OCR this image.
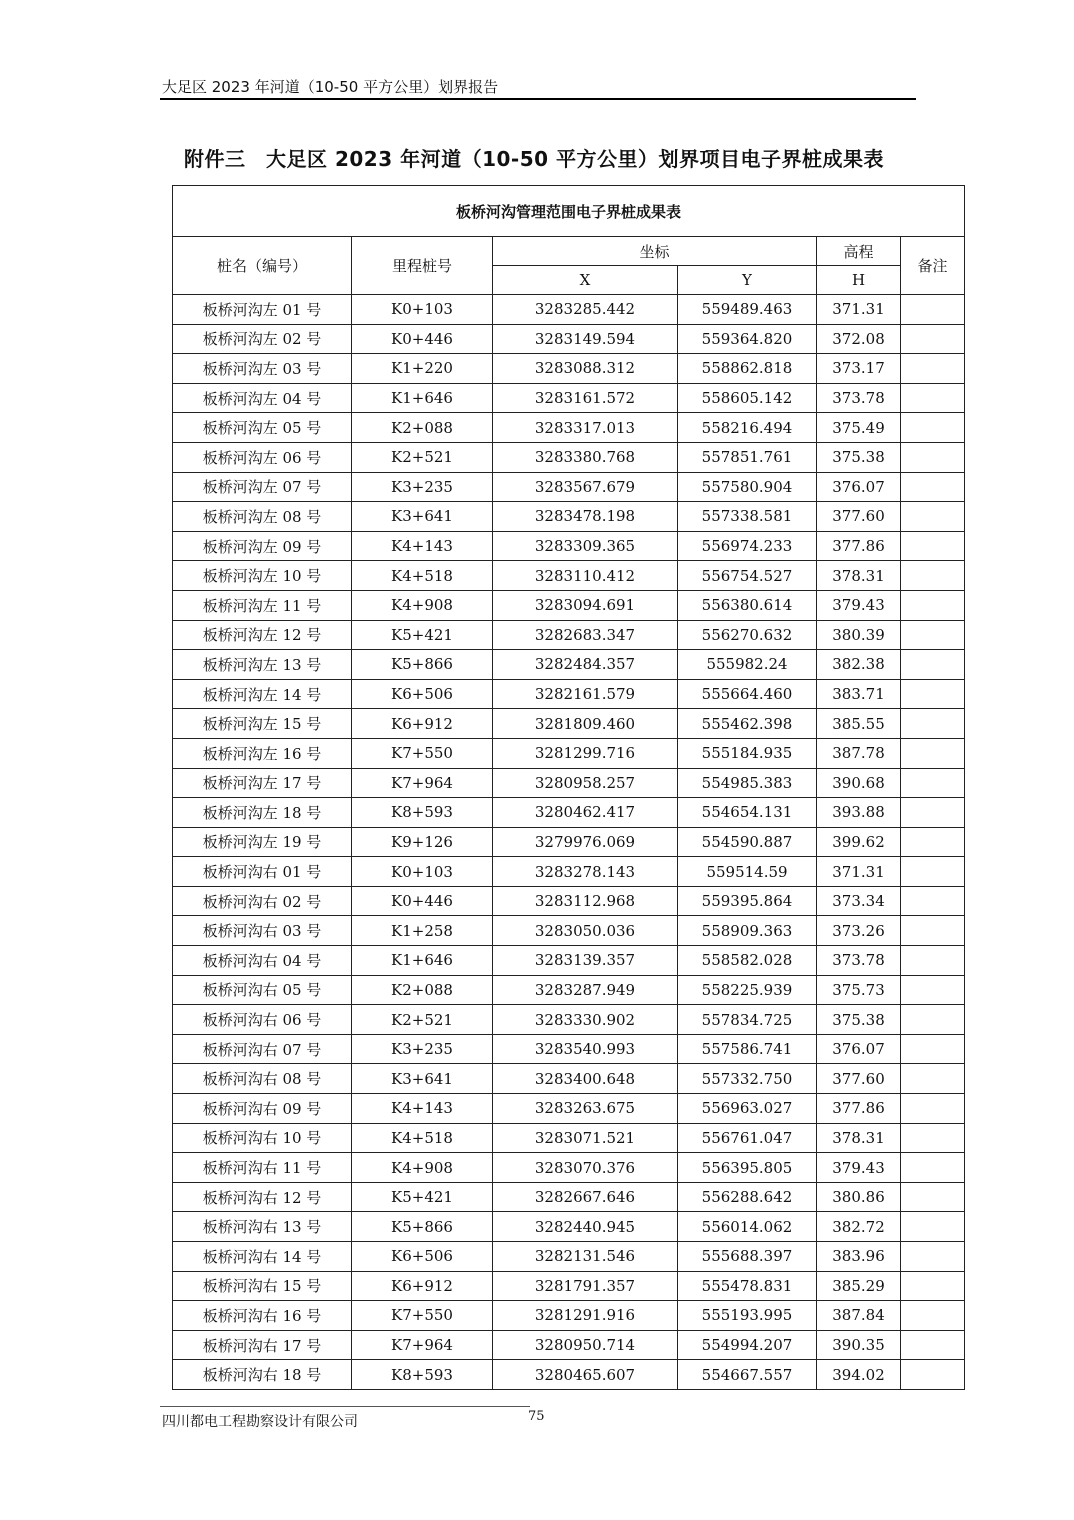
大足区 2023 年河道（10-50 平方公里）划界报告
附件三　大足区 2023 年河道（10-50 平方公里）划界项目电子界桩成果表
板桥河沟管理范围电子界桩成果表					
桩名（编号）	里程桩号	坐标		高程	备注
		X	Y	H	
板桥河沟左 01 号	K0+103	3283285.442	559489.463	371.31	
板桥河沟左 02 号	K0+446	3283149.594	559364.820	372.08	
板桥河沟左 03 号	K1+220	3283088.312	558862.818	373.17	
板桥河沟左 04 号	K1+646	3283161.572	558605.142	373.78	
板桥河沟左 05 号	K2+088	3283317.013	558216.494	375.49	
板桥河沟左 06 号	K2+521	3283380.768	557851.761	375.38	
板桥河沟左 07 号	K3+235	3283567.679	557580.904	376.07	
板桥河沟左 08 号	K3+641	3283478.198	557338.581	377.60	
板桥河沟左 09 号	K4+143	3283309.365	556974.233	377.86	
板桥河沟左 10 号	K4+518	3283110.412	556754.527	378.31	
板桥河沟左 11 号	K4+908	3283094.691	556380.614	379.43	
板桥河沟左 12 号	K5+421	3282683.347	556270.632	380.39	
板桥河沟左 13 号	K5+866	3282484.357	555982.24	382.38	
板桥河沟左 14 号	K6+506	3282161.579	555664.460	383.71	
板桥河沟左 15 号	K6+912	3281809.460	555462.398	385.55	
板桥河沟左 16 号	K7+550	3281299.716	555184.935	387.78	
板桥河沟左 17 号	K7+964	3280958.257	554985.383	390.68	
板桥河沟左 18 号	K8+593	3280462.417	554654.131	393.88	
板桥河沟左 19 号	K9+126	3279976.069	554590.887	399.62	
板桥河沟右 01 号	K0+103	3283278.143	559514.59	371.31	
板桥河沟右 02 号	K0+446	3283112.968	559395.864	373.34	
板桥河沟右 03 号	K1+258	3283050.036	558909.363	373.26	
板桥河沟右 04 号	K1+646	3283139.357	558582.028	373.78	
板桥河沟右 05 号	K2+088	3283287.949	558225.939	375.73	
板桥河沟右 06 号	K2+521	3283330.902	557834.725	375.38	
板桥河沟右 07 号	K3+235	3283540.993	557586.741	376.07	
板桥河沟右 08 号	K3+641	3283400.648	557332.750	377.60	
板桥河沟右 09 号	K4+143	3283263.675	556963.027	377.86	
板桥河沟右 10 号	K4+518	3283071.521	556761.047	378.31	
板桥河沟右 11 号	K4+908	3283070.376	556395.805	379.43	
板桥河沟右 12 号	K5+421	3282667.646	556288.642	380.86	
板桥河沟右 13 号	K5+866	3282440.945	556014.062	382.72	
板桥河沟右 14 号	K6+506	3282131.546	555688.397	383.96	
板桥河沟右 15 号	K6+912	3281791.357	555478.831	385.29	
板桥河沟右 16 号	K7+550	3281291.916	555193.995	387.84	
板桥河沟右 17 号	K7+964	3280950.714	554994.207	390.35	
板桥河沟右 18 号	K8+593	3280465.607	554667.557	394.02	
四川都电工程勘察设计有限公司	75
